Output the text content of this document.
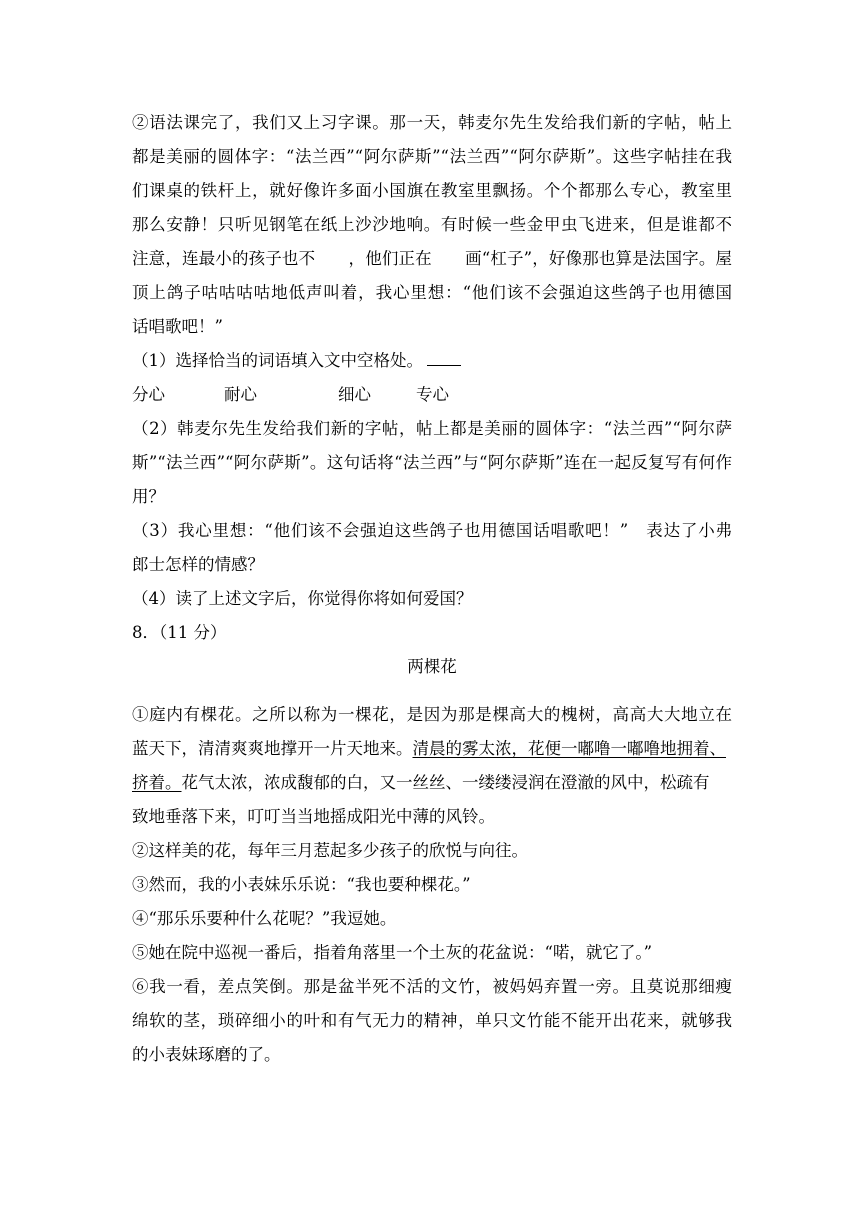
②语法课完了，我们又上习字课。那一天，韩麦尔先生发给我们新的字帖，帖上
都是美丽的圆体字：“法兰西”“阿尔萨斯”“法兰西”“阿尔萨斯”。这些字帖挂在我
们课桌的铁杆上，就好像许多面小国旗在教室里飘扬。个个都那么专心，教室里
那么安静！只听见钢笔在纸上沙沙地响。有时候一些金甲虫飞进来，但是谁都不
注意，连最小的孩子也不　　，他们正在　　画“杠子”，好像那也算是法国字。屋
顶上鸽子咕咕咕咕地低声叫着，我心里想：“他们该不会强迫这些鸽子也用德国
话唱歌吧！”
（1）选择恰当的词语填入文中空格处。
分心	耐心	细心	专心
（2）韩麦尔先生发给我们新的字帖，帖上都是美丽的圆体字：“法兰西”“阿尔萨
斯”“法兰西”“阿尔萨斯”。这句话将“法兰西”与“阿尔萨斯”连在一起反复写有何作
用？
（3）我心里想：“他们该不会强迫这些鸽子也用德国话唱歌吧！”　表达了小弗
郎士怎样的情感？
（4）读了上述文字后，你觉得你将如何爱国？
8．（11 分）
两棵花
①庭内有棵花。之所以称为一棵花，是因为那是棵高大的槐树，高高大大地立在
蓝天下，清清爽爽地撑开一片天地来。清晨的雾太浓，花便一嘟噜一嘟噜地拥着、
挤着。花气太浓，浓成馥郁的白，又一丝丝、一缕缕浸润在澄澈的风中，松疏有
致地垂落下来，叮叮当当地摇成阳光中薄的风铃。
②这样美的花，每年三月惹起多少孩子的欣悦与向往。
③然而，我的小表妹乐乐说：“我也要种棵花。”
④“那乐乐要种什么花呢？”我逗她。
⑤她在院中巡视一番后，指着角落里一个土灰的花盆说：“喏，就它了。”
⑥我一看，差点笑倒。那是盆半死不活的文竹，被妈妈弃置一旁。且莫说那细瘦
绵软的茎，琐碎细小的叶和有气无力的精神，单只文竹能不能开出花来，就够我
的小表妹琢磨的了。
